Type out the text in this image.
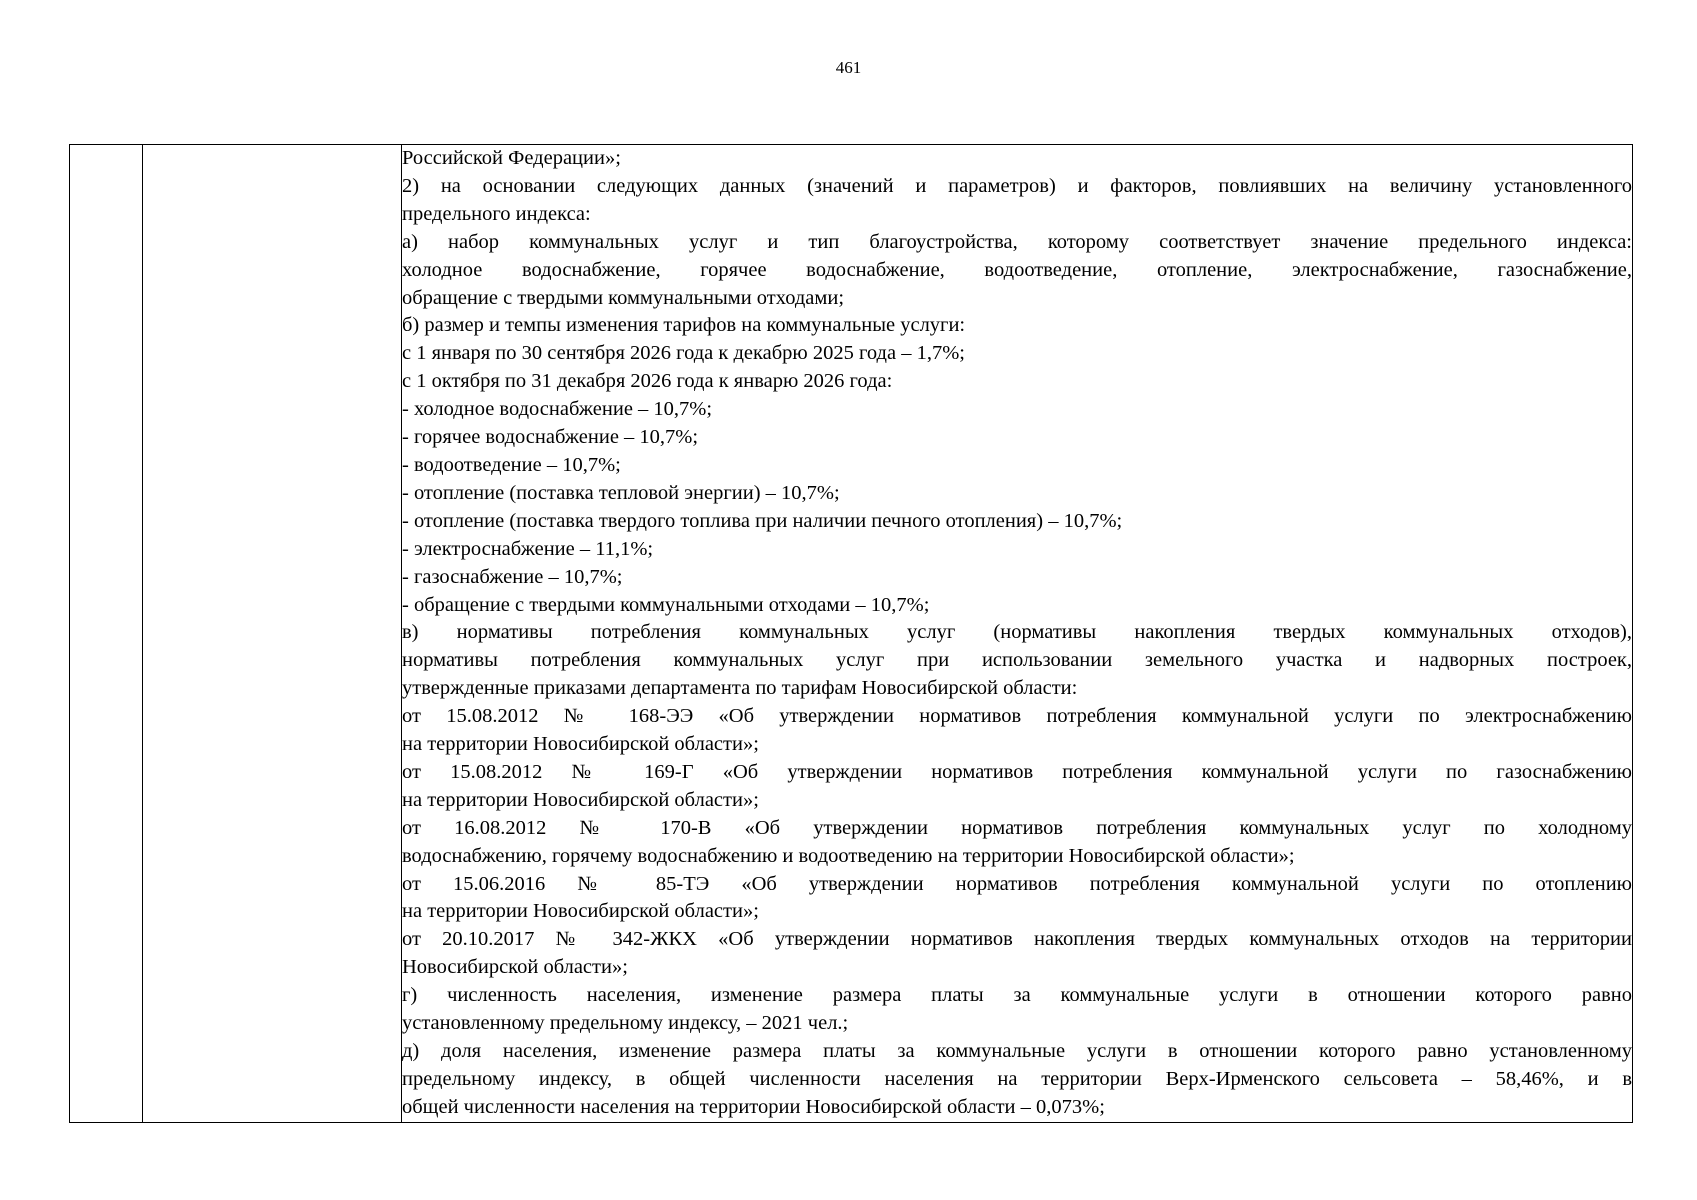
461

Российской Федерации»;
2) на основании следующих данных (значений и параметров) и факторов, повлиявших на величину установленного
предельного индекса:
а) набор коммунальных услуг и тип благоустройства, которому соответствует значение предельного индекса:
холодное водоснабжение, горячее водоснабжение, водоотведение, отопление, электроснабжение, газоснабжение,
обращение с твердыми коммунальными отходами;
б) размер и темпы изменения тарифов на коммунальные услуги:
с 1 января по 30 сентября 2026 года к декабрю 2025 года – 1,7%;
с 1 октября по 31 декабря 2026 года к январю 2026 года:
- холодное водоснабжение – 10,7%;
- горячее водоснабжение – 10,7%;
- водоотведение – 10,7%;
- отопление (поставка тепловой энергии) – 10,7%;
- отопление (поставка твердого топлива при наличии печного отопления) – 10,7%;
- электроснабжение – 11,1%;
- газоснабжение – 10,7%;
- обращение с твердыми коммунальными отходами – 10,7%;
в) нормативы потребления коммунальных услуг (нормативы накопления твердых коммунальных отходов),
нормативы потребления коммунальных услуг при использовании земельного участка и надворных построек,
утвержденные приказами департамента по тарифам Новосибирской области:
от 15.08.2012 № 168-ЭЭ «Об утверждении нормативов потребления коммунальной услуги по электроснабжению
на территории Новосибирской области»;
от 15.08.2012 № 169-Г «Об утверждении нормативов потребления коммунальной услуги по газоснабжению
на территории Новосибирской области»;
от 16.08.2012 № 170-В «Об утверждении нормативов потребления коммунальных услуг по холодному
водоснабжению, горячему водоснабжению и водоотведению на территории Новосибирской области»;
от 15.06.2016 № 85-ТЭ «Об утверждении нормативов потребления коммунальной услуги по отоплению
на территории Новосибирской области»;
от 20.10.2017 № 342-ЖКХ «Об утверждении нормативов накопления твердых коммунальных отходов на территории
Новосибирской области»;
г) численность населения, изменение размера платы за коммунальные услуги в отношении которого равно
установленному предельному индексу, – 2021 чел.;
д) доля населения, изменение размера платы за коммунальные услуги в отношении которого равно установленному
предельному индексу, в общей численности населения на территории Верх-Ирменского сельсовета – 58,46%, и в
общей численности населения на территории Новосибирской области – 0,073%;
